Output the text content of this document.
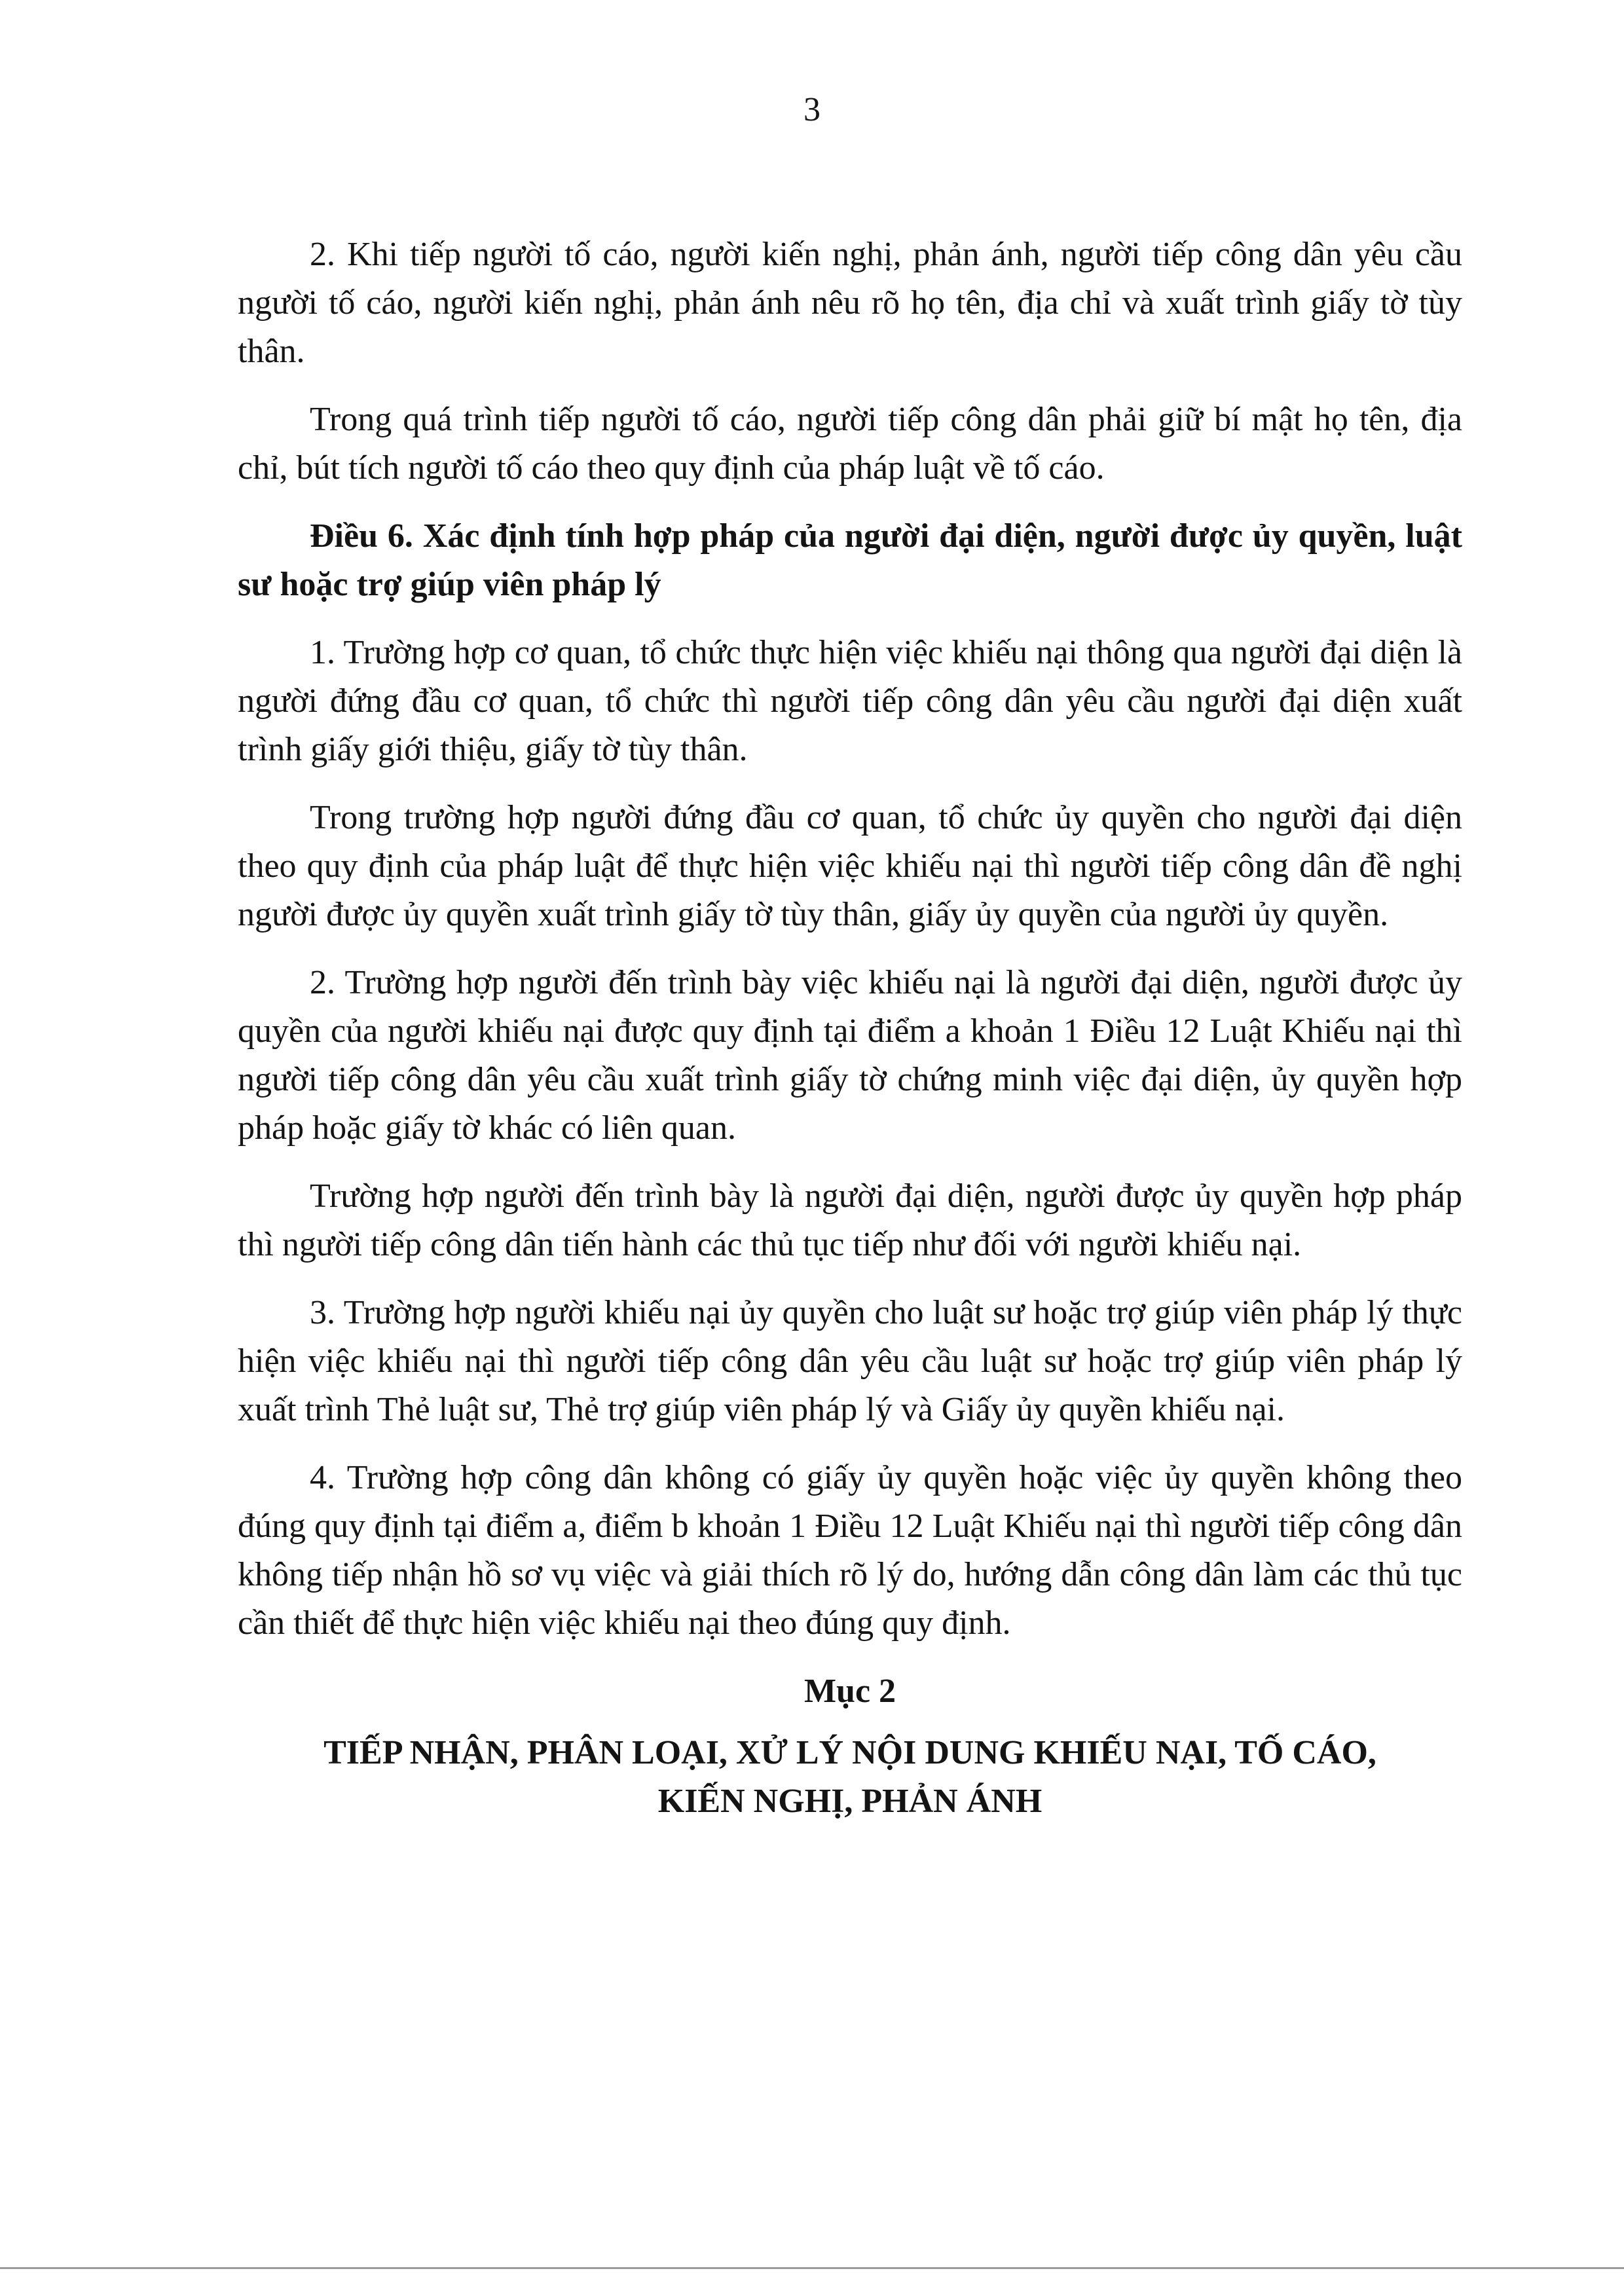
3

2. Khi tiếp người tố cáo, người kiến nghị, phản ánh, người tiếp công dân yêu cầu người tố cáo, người kiến nghị, phản ánh nêu rõ họ tên, địa chỉ và xuất trình giấy tờ tùy thân.

Trong quá trình tiếp người tố cáo, người tiếp công dân phải giữ bí mật họ tên, địa chỉ, bút tích người tố cáo theo quy định của pháp luật về tố cáo.

Điều 6. Xác định tính hợp pháp của người đại diện, người được ủy quyền, luật sư hoặc trợ giúp viên pháp lý

1. Trường hợp cơ quan, tổ chức thực hiện việc khiếu nại thông qua người đại diện là người đứng đầu cơ quan, tổ chức thì người tiếp công dân yêu cầu người đại diện xuất trình giấy giới thiệu, giấy tờ tùy thân.

Trong trường hợp người đứng đầu cơ quan, tổ chức ủy quyền cho người đại diện theo quy định của pháp luật để thực hiện việc khiếu nại thì người tiếp công dân đề nghị người được ủy quyền xuất trình giấy tờ tùy thân, giấy ủy quyền của người ủy quyền.

2. Trường hợp người đến trình bày việc khiếu nại là người đại diện, người được ủy quyền của người khiếu nại được quy định tại điểm a khoản 1 Điều 12 Luật Khiếu nại thì người tiếp công dân yêu cầu xuất trình giấy tờ chứng minh việc đại diện, ủy quyền hợp pháp hoặc giấy tờ khác có liên quan.

Trường hợp người đến trình bày là người đại diện, người được ủy quyền hợp pháp thì người tiếp công dân tiến hành các thủ tục tiếp như đối với người khiếu nại.

3. Trường hợp người khiếu nại ủy quyền cho luật sư hoặc trợ giúp viên pháp lý thực hiện việc khiếu nại thì người tiếp công dân yêu cầu luật sư hoặc trợ giúp viên pháp lý xuất trình Thẻ luật sư, Thẻ trợ giúp viên pháp lý và Giấy ủy quyền khiếu nại.

4. Trường hợp công dân không có giấy ủy quyền hoặc việc ủy quyền không theo đúng quy định tại điểm a, điểm b khoản 1 Điều 12 Luật Khiếu nại thì người tiếp công dân không tiếp nhận hồ sơ vụ việc và giải thích rõ lý do, hướng dẫn công dân làm các thủ tục cần thiết để thực hiện việc khiếu nại theo đúng quy định.

Mục 2
TIẾP NHẬN, PHÂN LOẠI, XỬ LÝ NỘI DUNG KHIẾU NẠI, TỐ CÁO, KIẾN NGHỊ, PHẢN ÁNH
